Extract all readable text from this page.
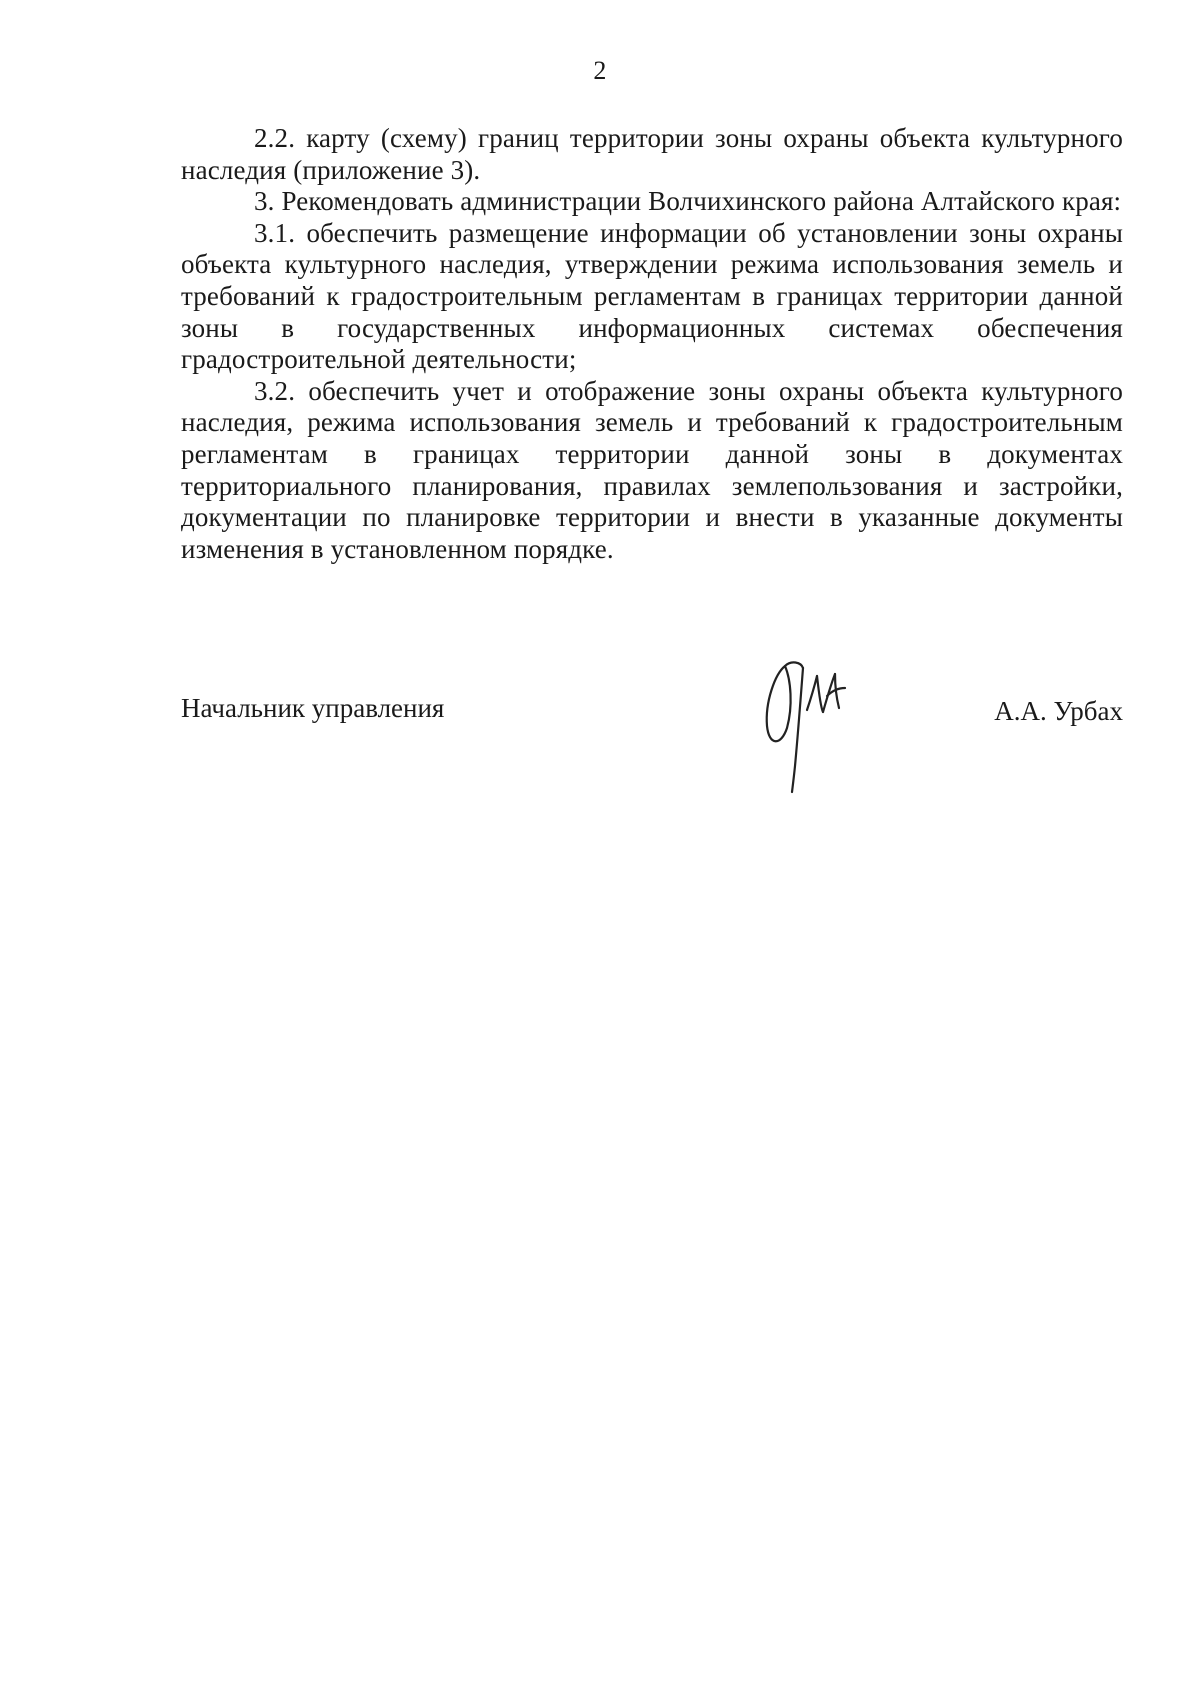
2

2.2. карту (схему) границ территории зоны охраны объекта культурного наследия (приложение 3).

3. Рекомендовать администрации Волчихинского района Алтайского края:

3.1. обеспечить размещение информации об установлении зоны охраны объекта культурного наследия, утверждении режима использования земель и требований к градостроительным регламентам в границах территории данной зоны в государственных информационных системах обеспечения градостроительной деятельности;

3.2. обеспечить учет и отображение зоны охраны объекта культурного наследия, режима использования земель и требований к градостроительным регламентам в границах территории данной зоны в документах территориального планирования, правилах землепользования и застройки, документации по планировке территории и внести в указанные документы изменения в установленном порядке.

Начальник управления	А.А. Урбах
